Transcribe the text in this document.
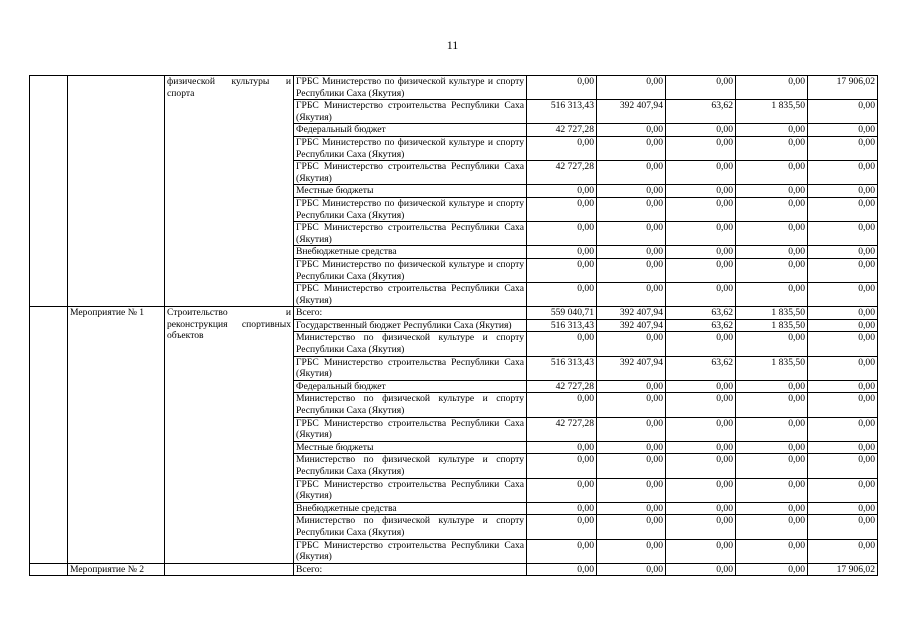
11
		физической культуры и спорта	ГРБС Министерство по физической культуре и спорту Республики Саха (Якутия)	0,00	0,00	0,00	0,00	17 906,02
			ГРБС Министерство строительства Республики Саха (Якутия)	516 313,43	392 407,94	63,62	1 835,50	0,00
			Федеральный бюджет	42 727,28	0,00	0,00	0,00	0,00
			ГРБС Министерство по физической культуре и спорту Республики Саха (Якутия)	0,00	0,00	0,00	0,00	0,00
			ГРБС Министерство строительства Республики Саха (Якутия)	42 727,28	0,00	0,00	0,00	0,00
			Местные бюджеты	0,00	0,00	0,00	0,00	0,00
			ГРБС Министерство по физической культуре и спорту Республики Саха (Якутия)	0,00	0,00	0,00	0,00	0,00
			ГРБС Министерство строительства Республики Саха (Якутия)	0,00	0,00	0,00	0,00	0,00
			Внебюджетные средства	0,00	0,00	0,00	0,00	0,00
			ГРБС Министерство по физической культуре и спорту Республики Саха (Якутия)	0,00	0,00	0,00	0,00	0,00
			ГРБС Министерство строительства Республики Саха (Якутия)	0,00	0,00	0,00	0,00	0,00
	Мероприятие № 1	Строительство и реконструкция спортивных объектов	Всего:	559 040,71	392 407,94	63,62	1 835,50	0,00
			Государственный бюджет Республики Саха (Якутия)	516 313,43	392 407,94	63,62	1 835,50	0,00
			Министерство по физической культуре и спорту Республики Саха (Якутия)	0,00	0,00	0,00	0,00	0,00
			ГРБС Министерство строительства Республики Саха (Якутия)	516 313,43	392 407,94	63,62	1 835,50	0,00
			Федеральный бюджет	42 727,28	0,00	0,00	0,00	0,00
			Министерство по физической культуре и спорту Республики Саха (Якутия)	0,00	0,00	0,00	0,00	0,00
			ГРБС Министерство строительства Республики Саха (Якутия)	42 727,28	0,00	0,00	0,00	0,00
			Местные бюджеты	0,00	0,00	0,00	0,00	0,00
			Министерство по физической культуре и спорту Республики Саха (Якутия)	0,00	0,00	0,00	0,00	0,00
			ГРБС Министерство строительства Республики Саха (Якутия)	0,00	0,00	0,00	0,00	0,00
			Внебюджетные средства	0,00	0,00	0,00	0,00	0,00
			Министерство по физической культуре и спорту Республики Саха (Якутия)	0,00	0,00	0,00	0,00	0,00
			ГРБС Министерство строительства Республики Саха (Якутия)	0,00	0,00	0,00	0,00	0,00
	Мероприятие № 2		Всего:	0,00	0,00	0,00	0,00	17 906,02
